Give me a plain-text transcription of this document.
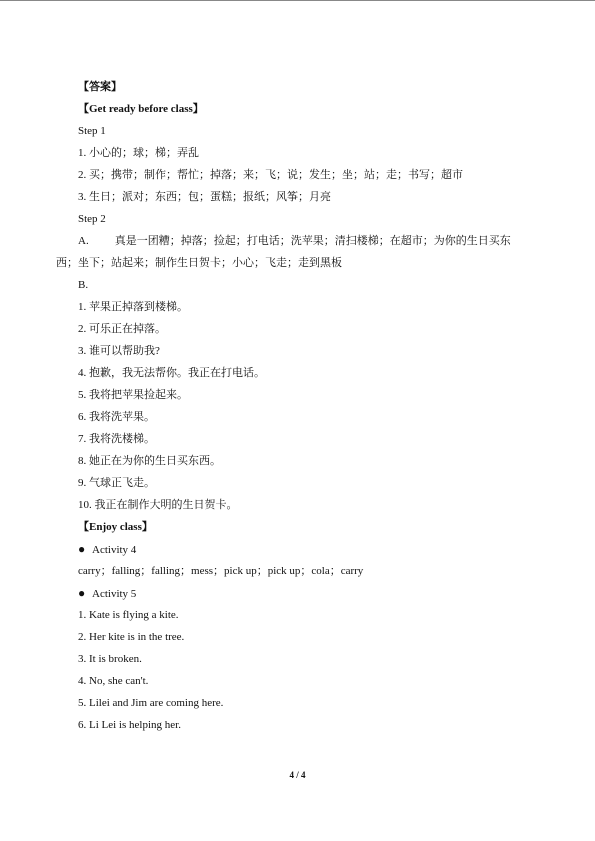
【答案】
【Get ready before class】
Step 1
1. 小心的；球；梯；弄乱
2. 买；携带；制作；帮忙；掉落；来；飞；说；发生；坐；站；走；书写；超市
3. 生日；派对；东西；包；蛋糕；报纸；风筝；月亮
Step 2
A. 真是一团糟；掉落；捡起；打电话；洗苹果；清扫楼梯；在超市；为你的生日买东
西；坐下；站起来；制作生日贺卡；小心；飞走；走到黑板
B.
1. 苹果正掉落到楼梯。
2. 可乐正在掉落。
3. 谁可以帮助我?
4. 抱歉，我无法帮你。我正在打电话。
5. 我将把苹果捡起来。
6. 我将洗苹果。
7. 我将洗楼梯。
8. 她正在为你的生日买东西。
9. 气球正飞走。
10. 我正在制作大明的生日贺卡。
【Enjoy class】
● Activity 4
carry；falling；falling；mess；pick up；pick up；cola；carry
● Activity 5
1. Kate is flying a kite.
2. Her kite is in the tree.
3. It is broken.
4. No, she can't.
5. Lilei and Jim are coming here.
6. Li Lei is helping her.
4 / 4
